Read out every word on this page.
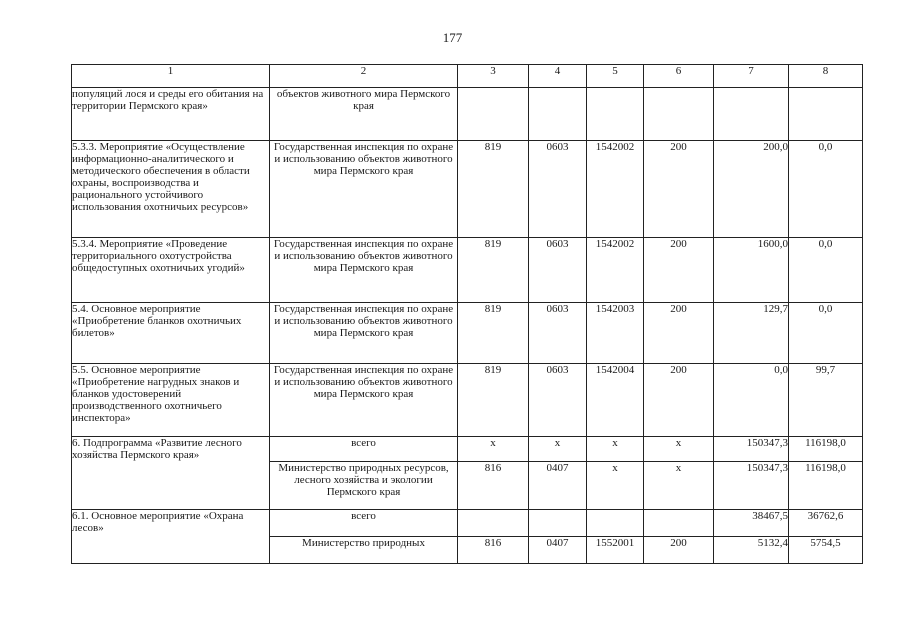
177
1	2	3	4	5	6	7	8
популяций лося и среды его обитания на территории Пермского края»	объектов животного мира Пермского края						
5.3.3. Мероприятие «Осуществление информационно-аналитического и методического обеспечения в области охраны, воспроизводства и рационального устойчивого использования охотничьих ресурсов»	Государственная инспекция по охране и использованию объектов животного мира Пермского края	819	0603	1542002	200	200,0	0,0
5.3.4. Мероприятие «Проведение территориального охотустройства общедоступных охотничьих угодий»	Государственная инспекция по охране и использованию объектов животного мира Пермского края	819	0603	1542002	200	1600,0	0,0
5.4. Основное мероприятие «Приобретение бланков охотничьих билетов»	Государственная инспекция по охране и использованию объектов животного мира Пермского края	819	0603	1542003	200	129,7	0,0
5.5. Основное мероприятие «Приобретение нагрудных знаков и бланков удостоверений производственного охотничьего инспектора»	Государственная инспекция по охране и использованию объектов животного мира Пермского края	819	0603	1542004	200	0,0	99,7
6. Подпрограмма «Развитие лесного хозяйства Пермского края»	всего	x	x	x	x	150347,3	116198,0
	Министерство природных ресурсов, лесного хозяйства и экологии Пермского края	816	0407	x	x	150347,3	116198,0
6.1. Основное мероприятие «Охрана лесов»	всего					38467,5	36762,6
	Министерство природных	816	0407	1552001	200	5132,4	5754,5
